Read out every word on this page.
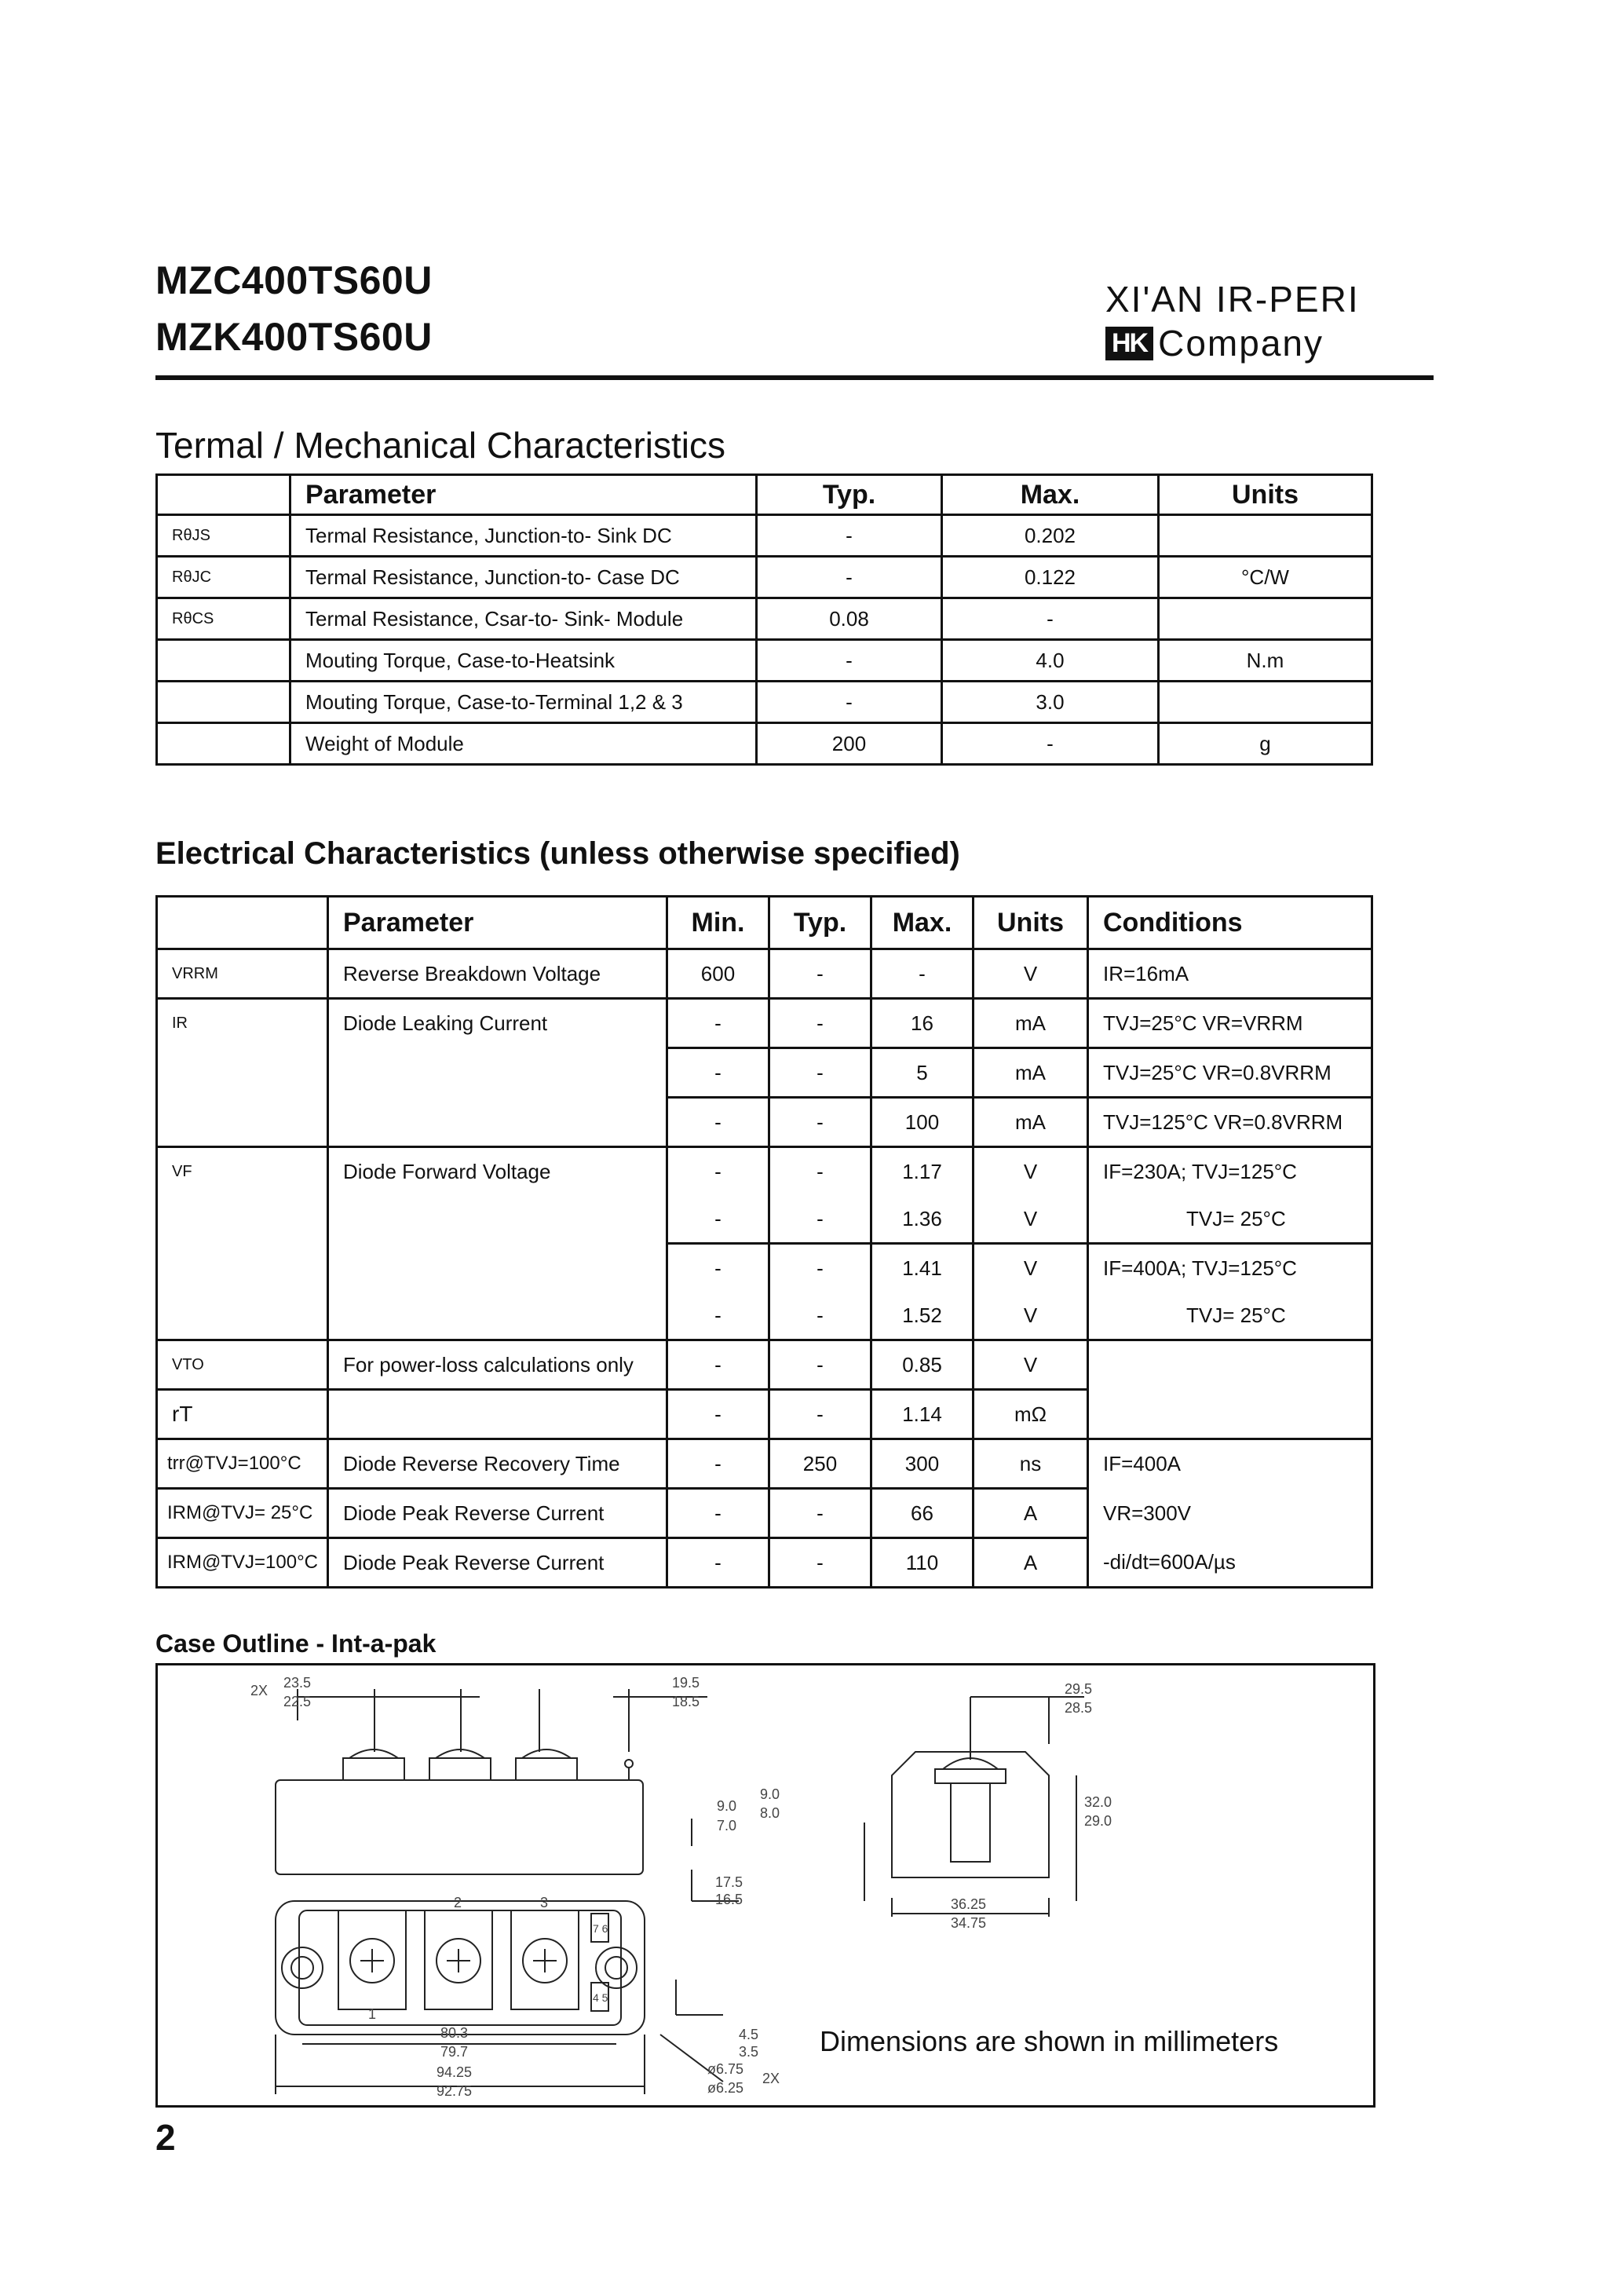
MZC400TS60U
MZK400TS60U
XI'AN IR-PERI
HK Company
Termal / Mechanical Characteristics
	Parameter	Typ.	Max.	Units
RθJS	Termal Resistance, Junction-to- Sink DC	-	0.202	
RθJC	Termal Resistance, Junction-to- Case DC	-	0.122	°C/W
RθCS	Termal Resistance, Csar-to- Sink- Module	0.08	-	
	Mouting Torque, Case-to-Heatsink	-	4.0	N.m
	Mouting Torque, Case-to-Terminal 1,2 & 3	-	3.0	
	Weight of Module	200	-	g
Electrical Characteristics (unless otherwise specified)
	Parameter	Min.	Typ.	Max.	Units	Conditions
VRRM	Reverse Breakdown Voltage	600	-	-	V	IR=16mA
IR	Diode Leaking Current	-	-	16	mA	TVJ=25°C VR=VRRM
		-	-	5	mA	TVJ=25°C VR=0.8VRRM
		-	-	100	mA	TVJ=125°C VR=0.8VRRM
VF	Diode Forward Voltage	-	-	1.17	V	IF=230A; TVJ=125°C
		-	-	1.36	V	TVJ= 25°C
		-	-	1.41	V	IF=400A; TVJ=125°C
		-	-	1.52	V	TVJ= 25°C
VTO	For power-loss calculations only	-	-	0.85	V	
rT		-	-	1.14	mΩ	
trr@TVJ=100°C	Diode Reverse Recovery Time	-	250	300	ns	IF=400A
IRM@TVJ= 25°C	Diode Peak Reverse Current	-	-	66	A	VR=300V
IRM@TVJ=100°C	Diode Peak Reverse Current	-	-	110	A	-di/dt=600A/µs
Case Outline - Int-a-pak
2X 23.5
22.5
19.5
18.5
29.5
28.5
9.0
8.0
9.0
7.0
32.0
29.0
17.5
16.5	36.25
34.75
4.5
3.5
80.3
79.7
ø6.75
ø6.25
2X
94.25
92.75
1
2	3
7 6
4 5
Dimensions are shown in millimeters
2
